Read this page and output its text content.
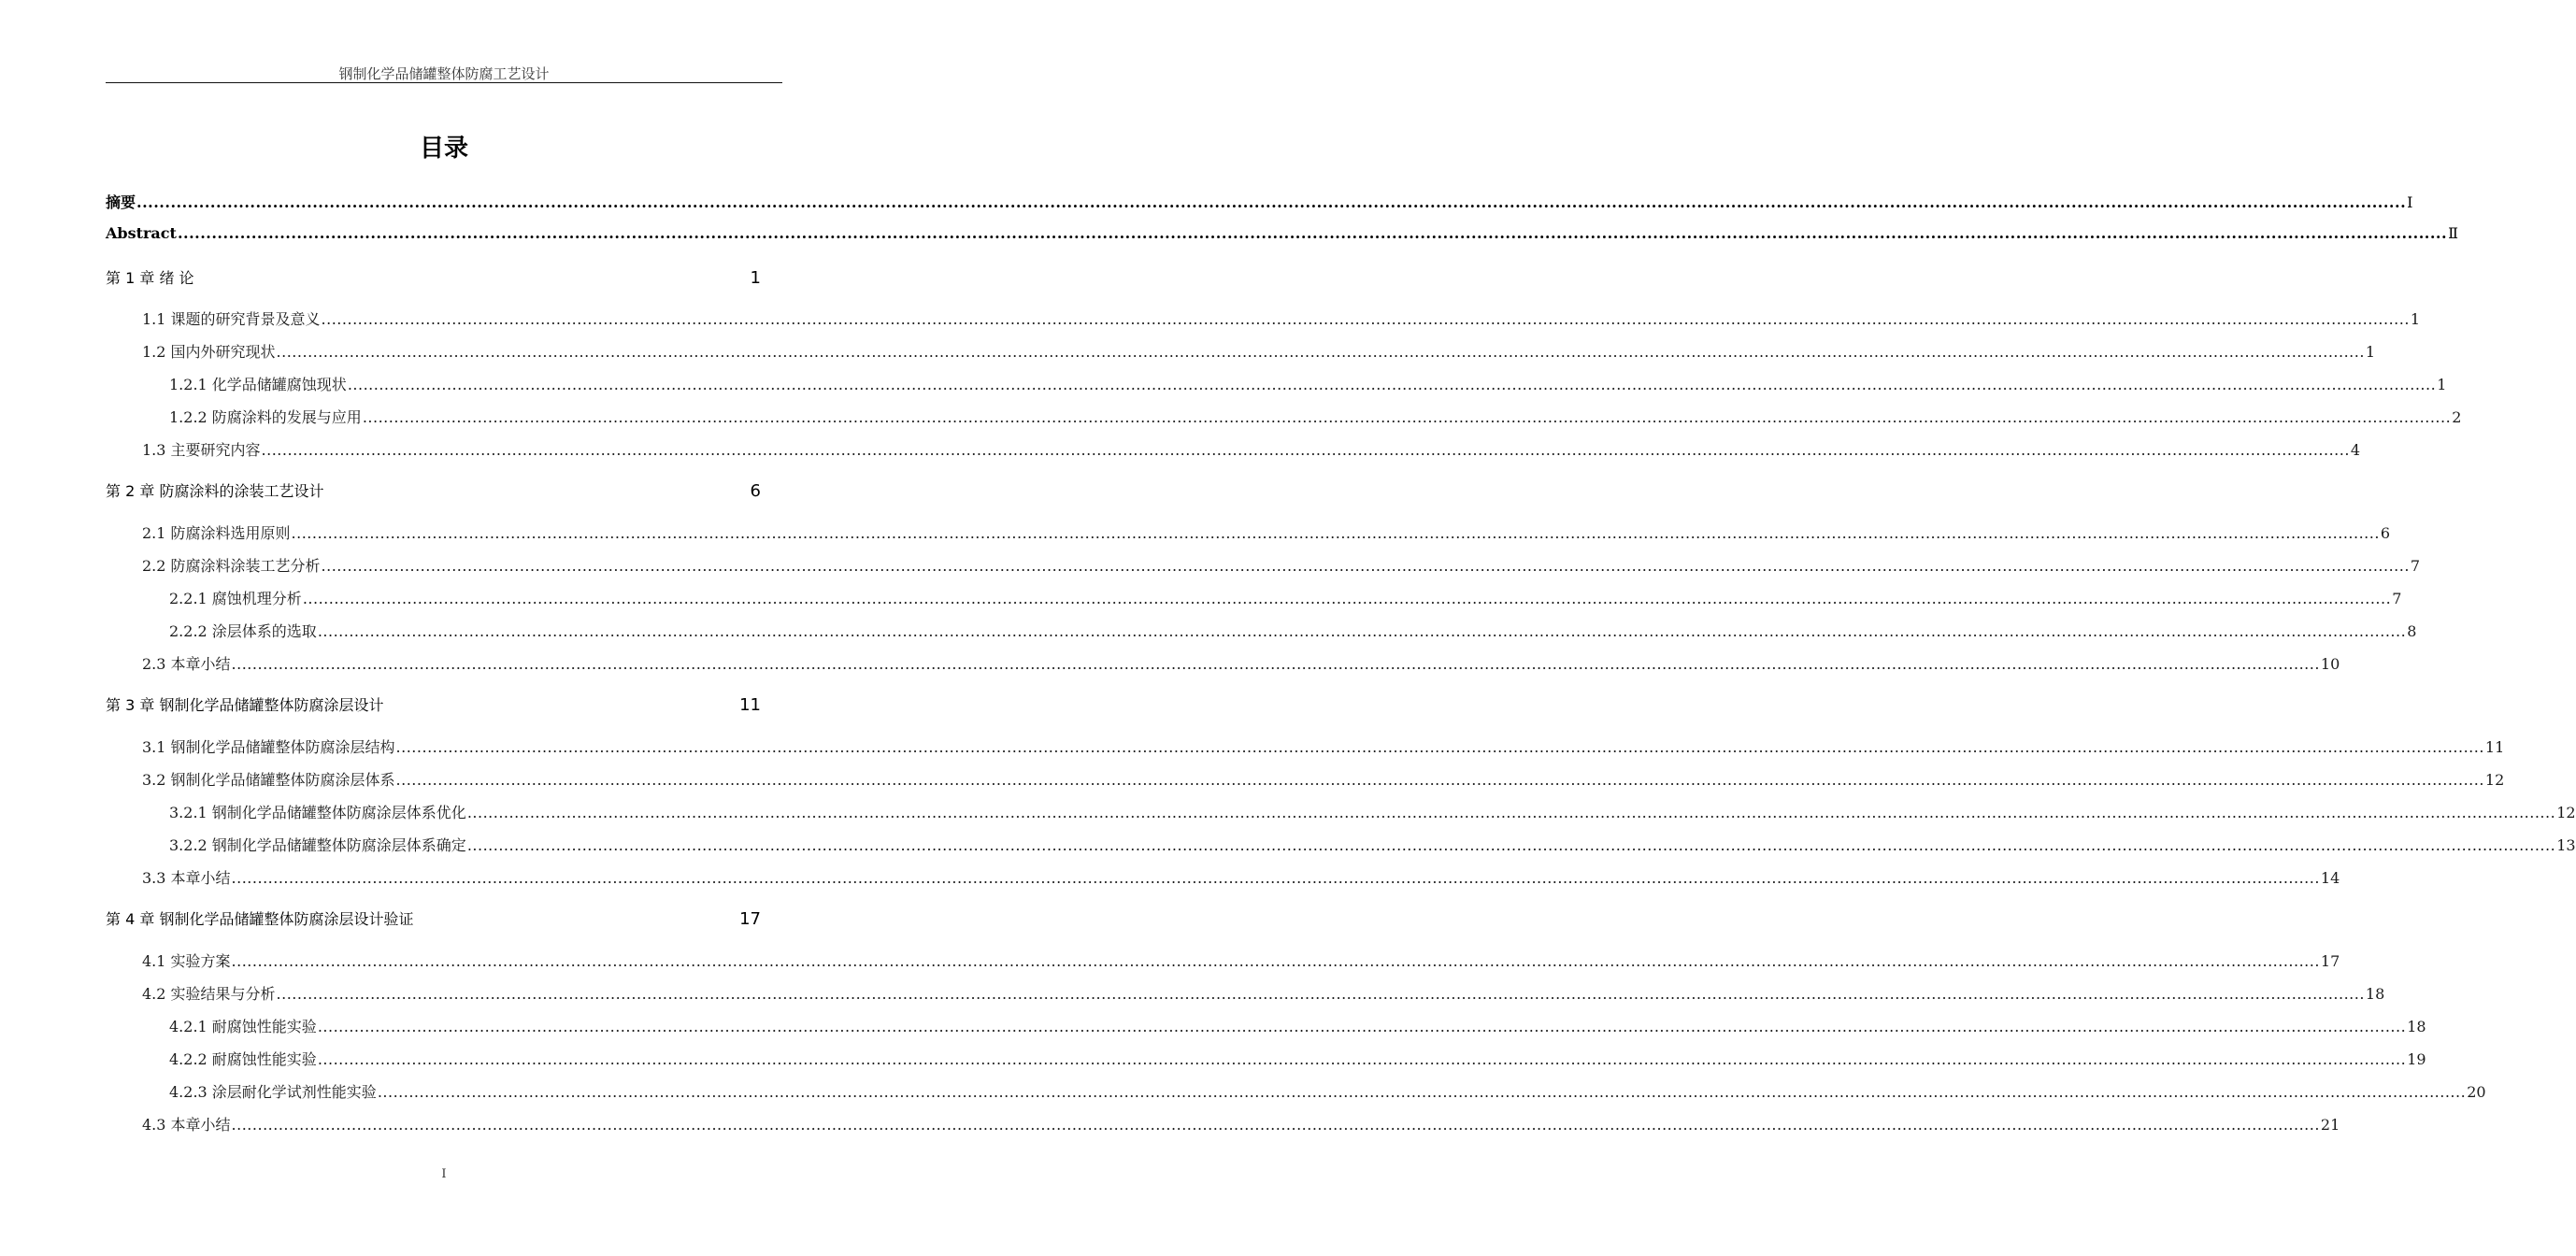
钢制化学品储罐整体防腐工艺设计
目录
摘要 ................................................................................................................................................................................................................................................................................................................................................................................................................ Ⅰ
Abstract ................................................................................................................................................................................................................................................................................................................................................................................................................ Ⅱ
第 1 章 绪 论	1
1.1 课题的研究背景及意义 ................................................................................................................................................................................................................................................................................................................................................................................................................ 1
1.2 国内外研究现状 ................................................................................................................................................................................................................................................................................................................................................................................................................ 1
1.2.1 化学品储罐腐蚀现状 ................................................................................................................................................................................................................................................................................................................................................................................................................ 1
1.2.2 防腐涂料的发展与应用 ................................................................................................................................................................................................................................................................................................................................................................................................................ 2
1.3 主要研究内容 ................................................................................................................................................................................................................................................................................................................................................................................................................ 4
第 2 章 防腐涂料的涂装工艺设计	6
2.1 防腐涂料选用原则 ................................................................................................................................................................................................................................................................................................................................................................................................................ 6
2.2 防腐涂料涂装工艺分析 ................................................................................................................................................................................................................................................................................................................................................................................................................ 7
2.2.1 腐蚀机理分析 ................................................................................................................................................................................................................................................................................................................................................................................................................ 7
2.2.2 涂层体系的选取 ................................................................................................................................................................................................................................................................................................................................................................................................................ 8
2.3 本章小结 ................................................................................................................................................................................................................................................................................................................................................................................................................ 10
第 3 章 钢制化学品储罐整体防腐涂层设计	11
3.1 钢制化学品储罐整体防腐涂层结构 ................................................................................................................................................................................................................................................................................................................................................................................................................ 11
3.2 钢制化学品储罐整体防腐涂层体系 ................................................................................................................................................................................................................................................................................................................................................................................................................ 12
3.2.1 钢制化学品储罐整体防腐涂层体系优化 ................................................................................................................................................................................................................................................................................................................................................................................................................ 12
3.2.2 钢制化学品储罐整体防腐涂层体系确定 ................................................................................................................................................................................................................................................................................................................................................................................................................ 13
3.3 本章小结 ................................................................................................................................................................................................................................................................................................................................................................................................................ 14
第 4 章 钢制化学品储罐整体防腐涂层设计验证	17
4.1 实验方案 ................................................................................................................................................................................................................................................................................................................................................................................................................ 17
4.2 实验结果与分析 ................................................................................................................................................................................................................................................................................................................................................................................................................ 18
4.2.1 耐腐蚀性能实验 ................................................................................................................................................................................................................................................................................................................................................................................................................ 18
4.2.2 耐腐蚀性能实验 ................................................................................................................................................................................................................................................................................................................................................................................................................ 19
4.2.3 涂层耐化学试剂性能实验 ................................................................................................................................................................................................................................................................................................................................................................................................................ 20
4.3 本章小结 ................................................................................................................................................................................................................................................................................................................................................................................................................ 21
I
